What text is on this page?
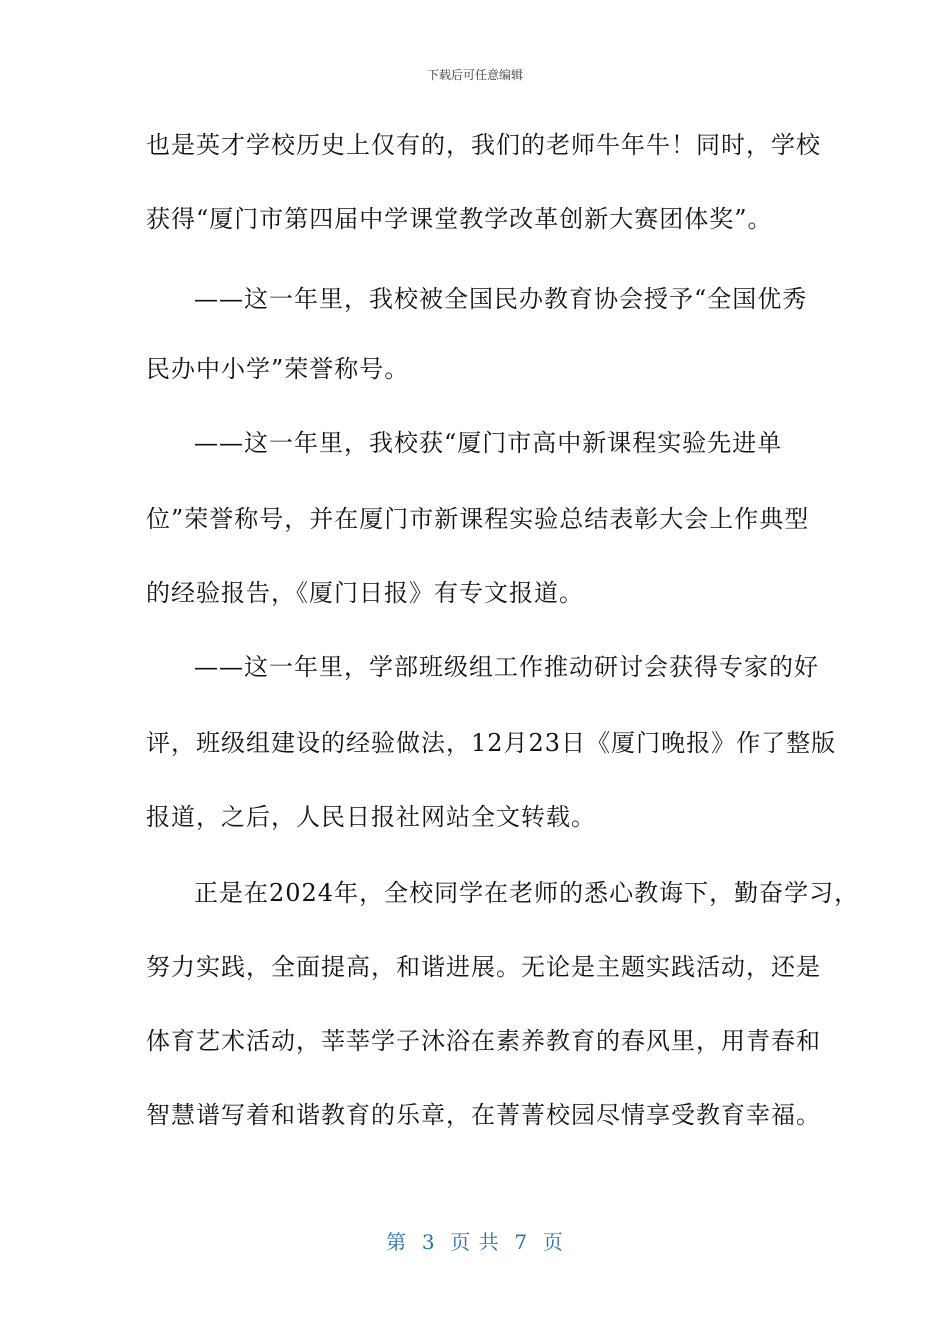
下载后可任意编辑
也是英才学校历史上仅有的，我们的老师牛年牛！同时，学校
获得“厦门市第四届中学课堂教学改革创新大赛团体奖”。
——这一年里，我校被全国民办教育协会授予“全国优秀
民办中小学”荣誉称号。
——这一年里，我校获“厦门市高中新课程实验先进单
位”荣誉称号，并在厦门市新课程实验总结表彰大会上作典型
的经验报告，《厦门日报》有专文报道。
——这一年里，学部班级组工作推动研讨会获得专家的好
评，班级组建设的经验做法，12月23日《厦门晚报》作了整版
报道，之后，人民日报社网站全文转载。
正是在2024年，全校同学在老师的悉心教诲下，勤奋学习，
努力实践，全面提高，和谐进展。无论是主题实践活动，还是
体育艺术活动，莘莘学子沐浴在素养教育的春风里，用青春和
智慧谱写着和谐教育的乐章，在菁菁校园尽情享受教育幸福。
第  3  页 共  7  页
